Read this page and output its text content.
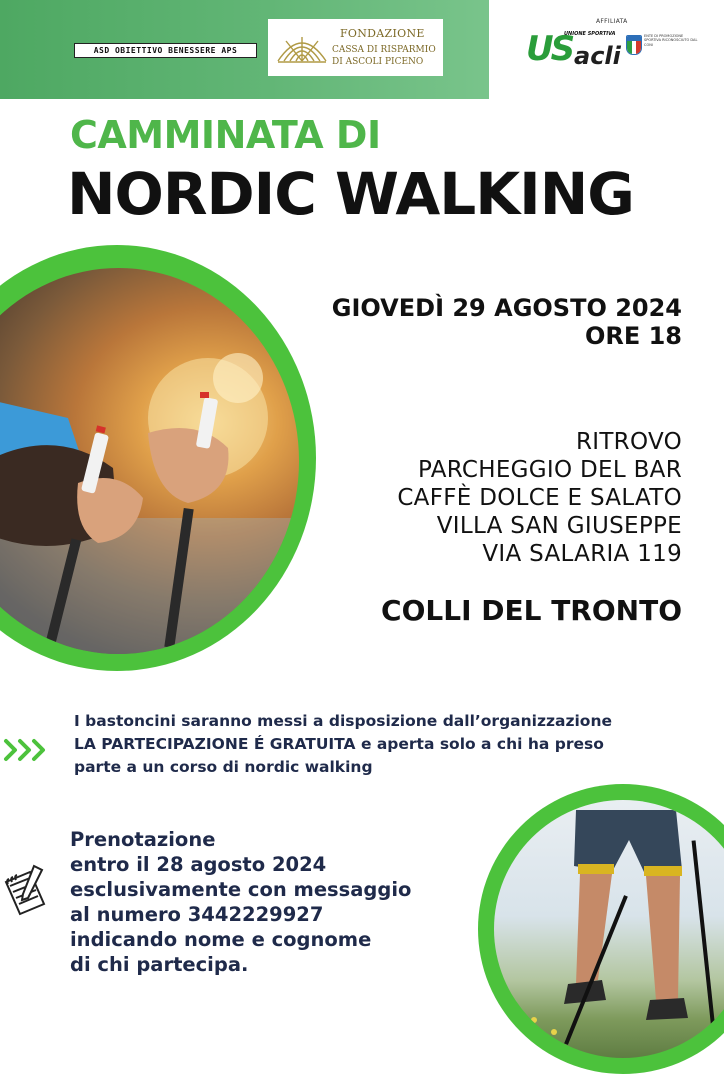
ASD OBIETTIVO BENESSERE APS
FONDAZIONE
CASSA DI RISPARMIO
DI ASCOLI PICENO
AFFILIATA
US
UNIONE SPORTIVA
acli
ENTE DI PROMOZIONE SPORTIVA RICONOSCIUTO DAL CONI
CAMMINATA DI
NORDIC WALKING
GIOVEDÌ 29 AGOSTO 2024
ORE 18
RITROVO
PARCHEGGIO DEL BAR
CAFFÈ DOLCE E SALATO
VILLA SAN GIUSEPPE
VIA SALARIA 119
COLLI DEL TRONTO
I bastoncini saranno messi a disposizione dall’organizzazione
LA PARTECIPAZIONE É GRATUITA e aperta solo a chi ha preso
parte a un corso di nordic walking
Prenotazione
entro il 28 agosto 2024
esclusivamente con messaggio
al numero 3442229927
indicando nome e cognome
di chi partecipa.
